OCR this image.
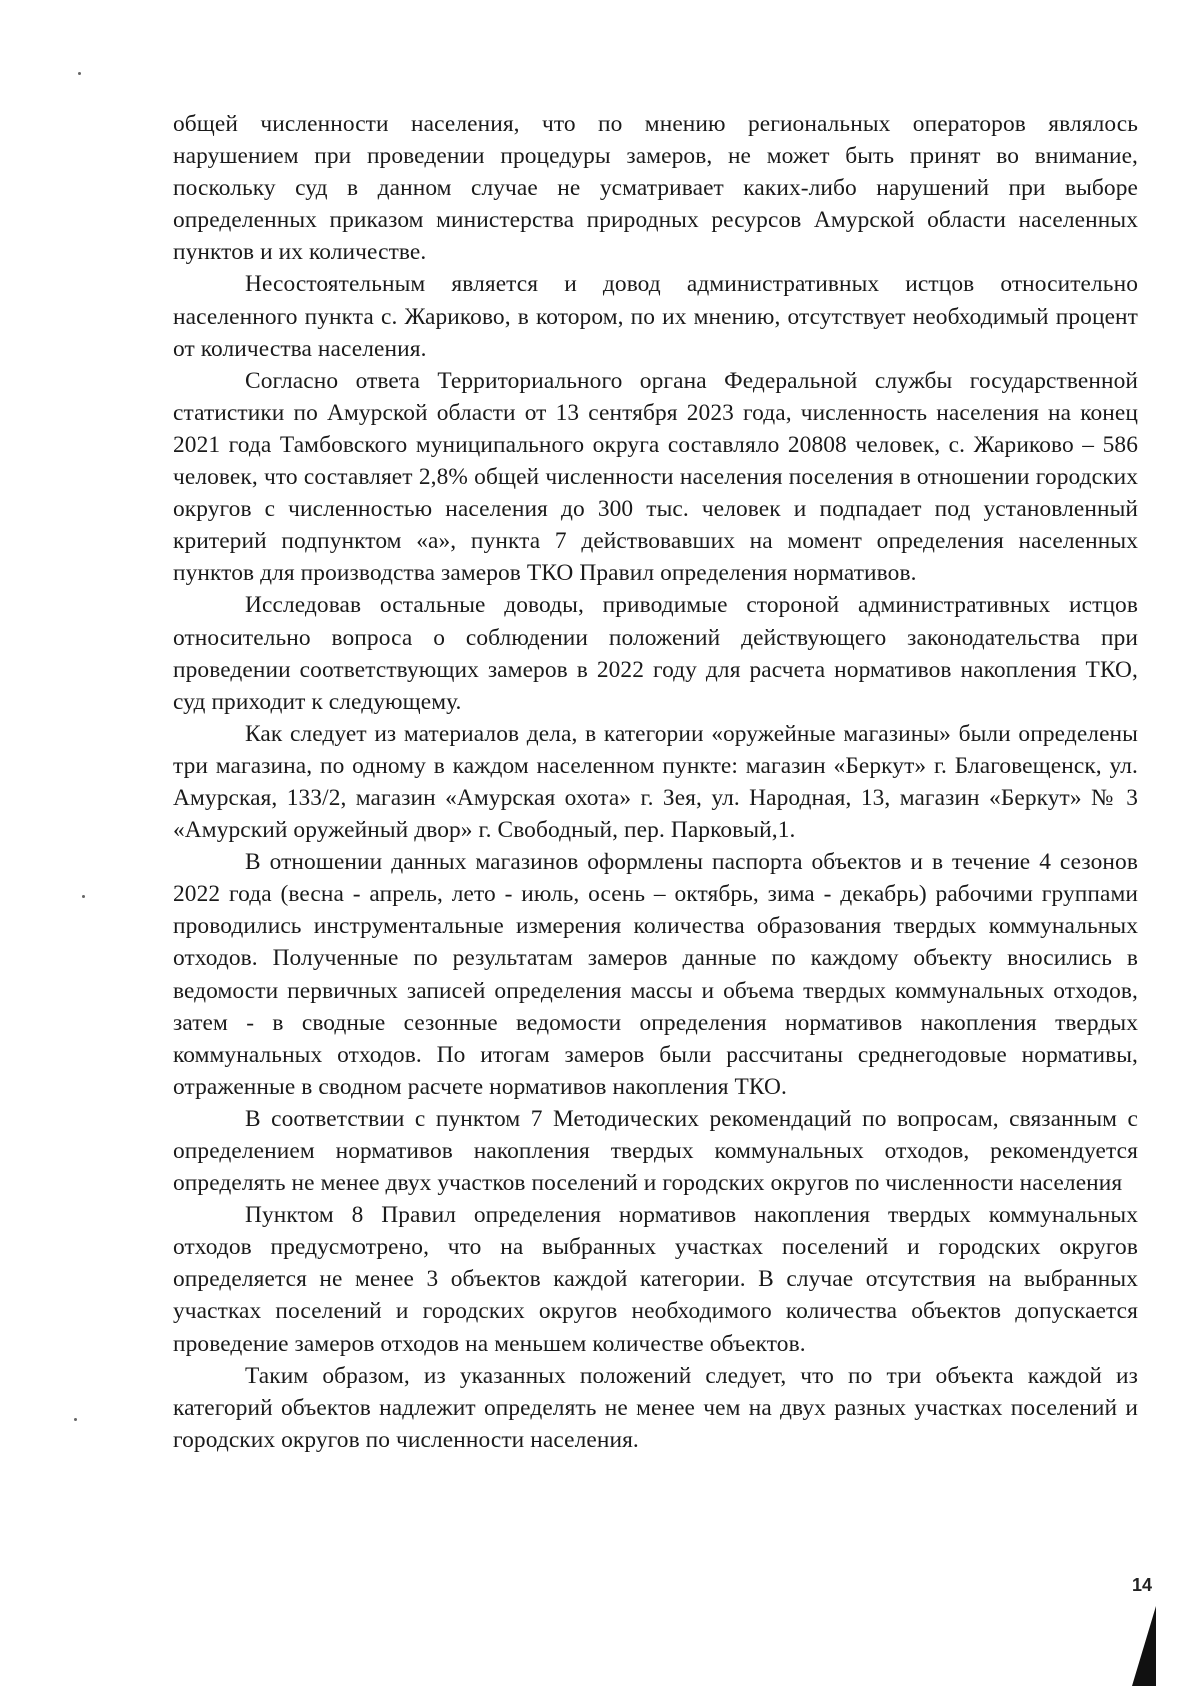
общей численности населения, что по мнению региональных операторов являлось нарушением при проведении процедуры замеров, не может быть принят во внимание, поскольку суд в данном случае не усматривает каких-либо нарушений при выборе определенных приказом министерства природных ресурсов Амурской области населенных пунктов и их количестве.

Несостоятельным является и довод административных истцов относительно населенного пункта с. Жариково, в котором, по их мнению, отсутствует необходимый процент от количества населения.

Согласно ответа Территориального органа Федеральной службы государственной статистики по Амурской области от 13 сентября 2023 года, численность населения на конец 2021 года Тамбовского муниципального округа составляло 20808 человек, с. Жариково – 586 человек, что составляет 2,8% общей численности населения поселения в отношении городских округов с численностью населения до 300 тыс. человек и подпадает под установленный критерий подпунктом «а», пункта 7 действовавших на момент определения населенных пунктов для производства замеров ТКО Правил определения нормативов.

Исследовав остальные доводы, приводимые стороной административных истцов относительно вопроса о соблюдении положений действующего законодательства при проведении соответствующих замеров в 2022 году для расчета нормативов накопления ТКО, суд приходит к следующему.

Как следует из материалов дела, в категории «оружейные магазины» были определены три магазина, по одному в каждом населенном пункте: магазин «Беркут» г. Благовещенск, ул. Амурская, 133/2, магазин «Амурская охота» г. Зея, ул. Народная, 13, магазин «Беркут» № 3 «Амурский оружейный двор» г. Свободный, пер. Парковый,1.

В отношении данных магазинов оформлены паспорта объектов и в течение 4 сезонов 2022 года (весна - апрель, лето - июль, осень – октябрь, зима - декабрь) рабочими группами проводились инструментальные измерения количества образования твердых коммунальных отходов. Полученные по результатам замеров данные по каждому объекту вносились в ведомости первичных записей определения массы и объема твердых коммунальных отходов, затем - в сводные сезонные ведомости определения нормативов накопления твердых коммунальных отходов. По итогам замеров были рассчитаны среднегодовые нормативы, отраженные в сводном расчете нормативов накопления ТКО.

В соответствии с пунктом 7 Методических рекомендаций по вопросам, связанным с определением нормативов накопления твердых коммунальных отходов, рекомендуется определять не менее двух участков поселений и городских округов по численности населения

Пунктом 8 Правил определения нормативов накопления твердых коммунальных отходов предусмотрено, что на выбранных участках поселений и городских округов определяется не менее 3 объектов каждой категории. В случае отсутствия на выбранных участках поселений и городских округов необходимого количества объектов допускается проведение замеров отходов на меньшем количестве объектов.

Таким образом, из указанных положений следует, что по три объекта каждой из категорий объектов надлежит определять не менее чем на двух разных участках поселений и городских округов по численности населения.

14
